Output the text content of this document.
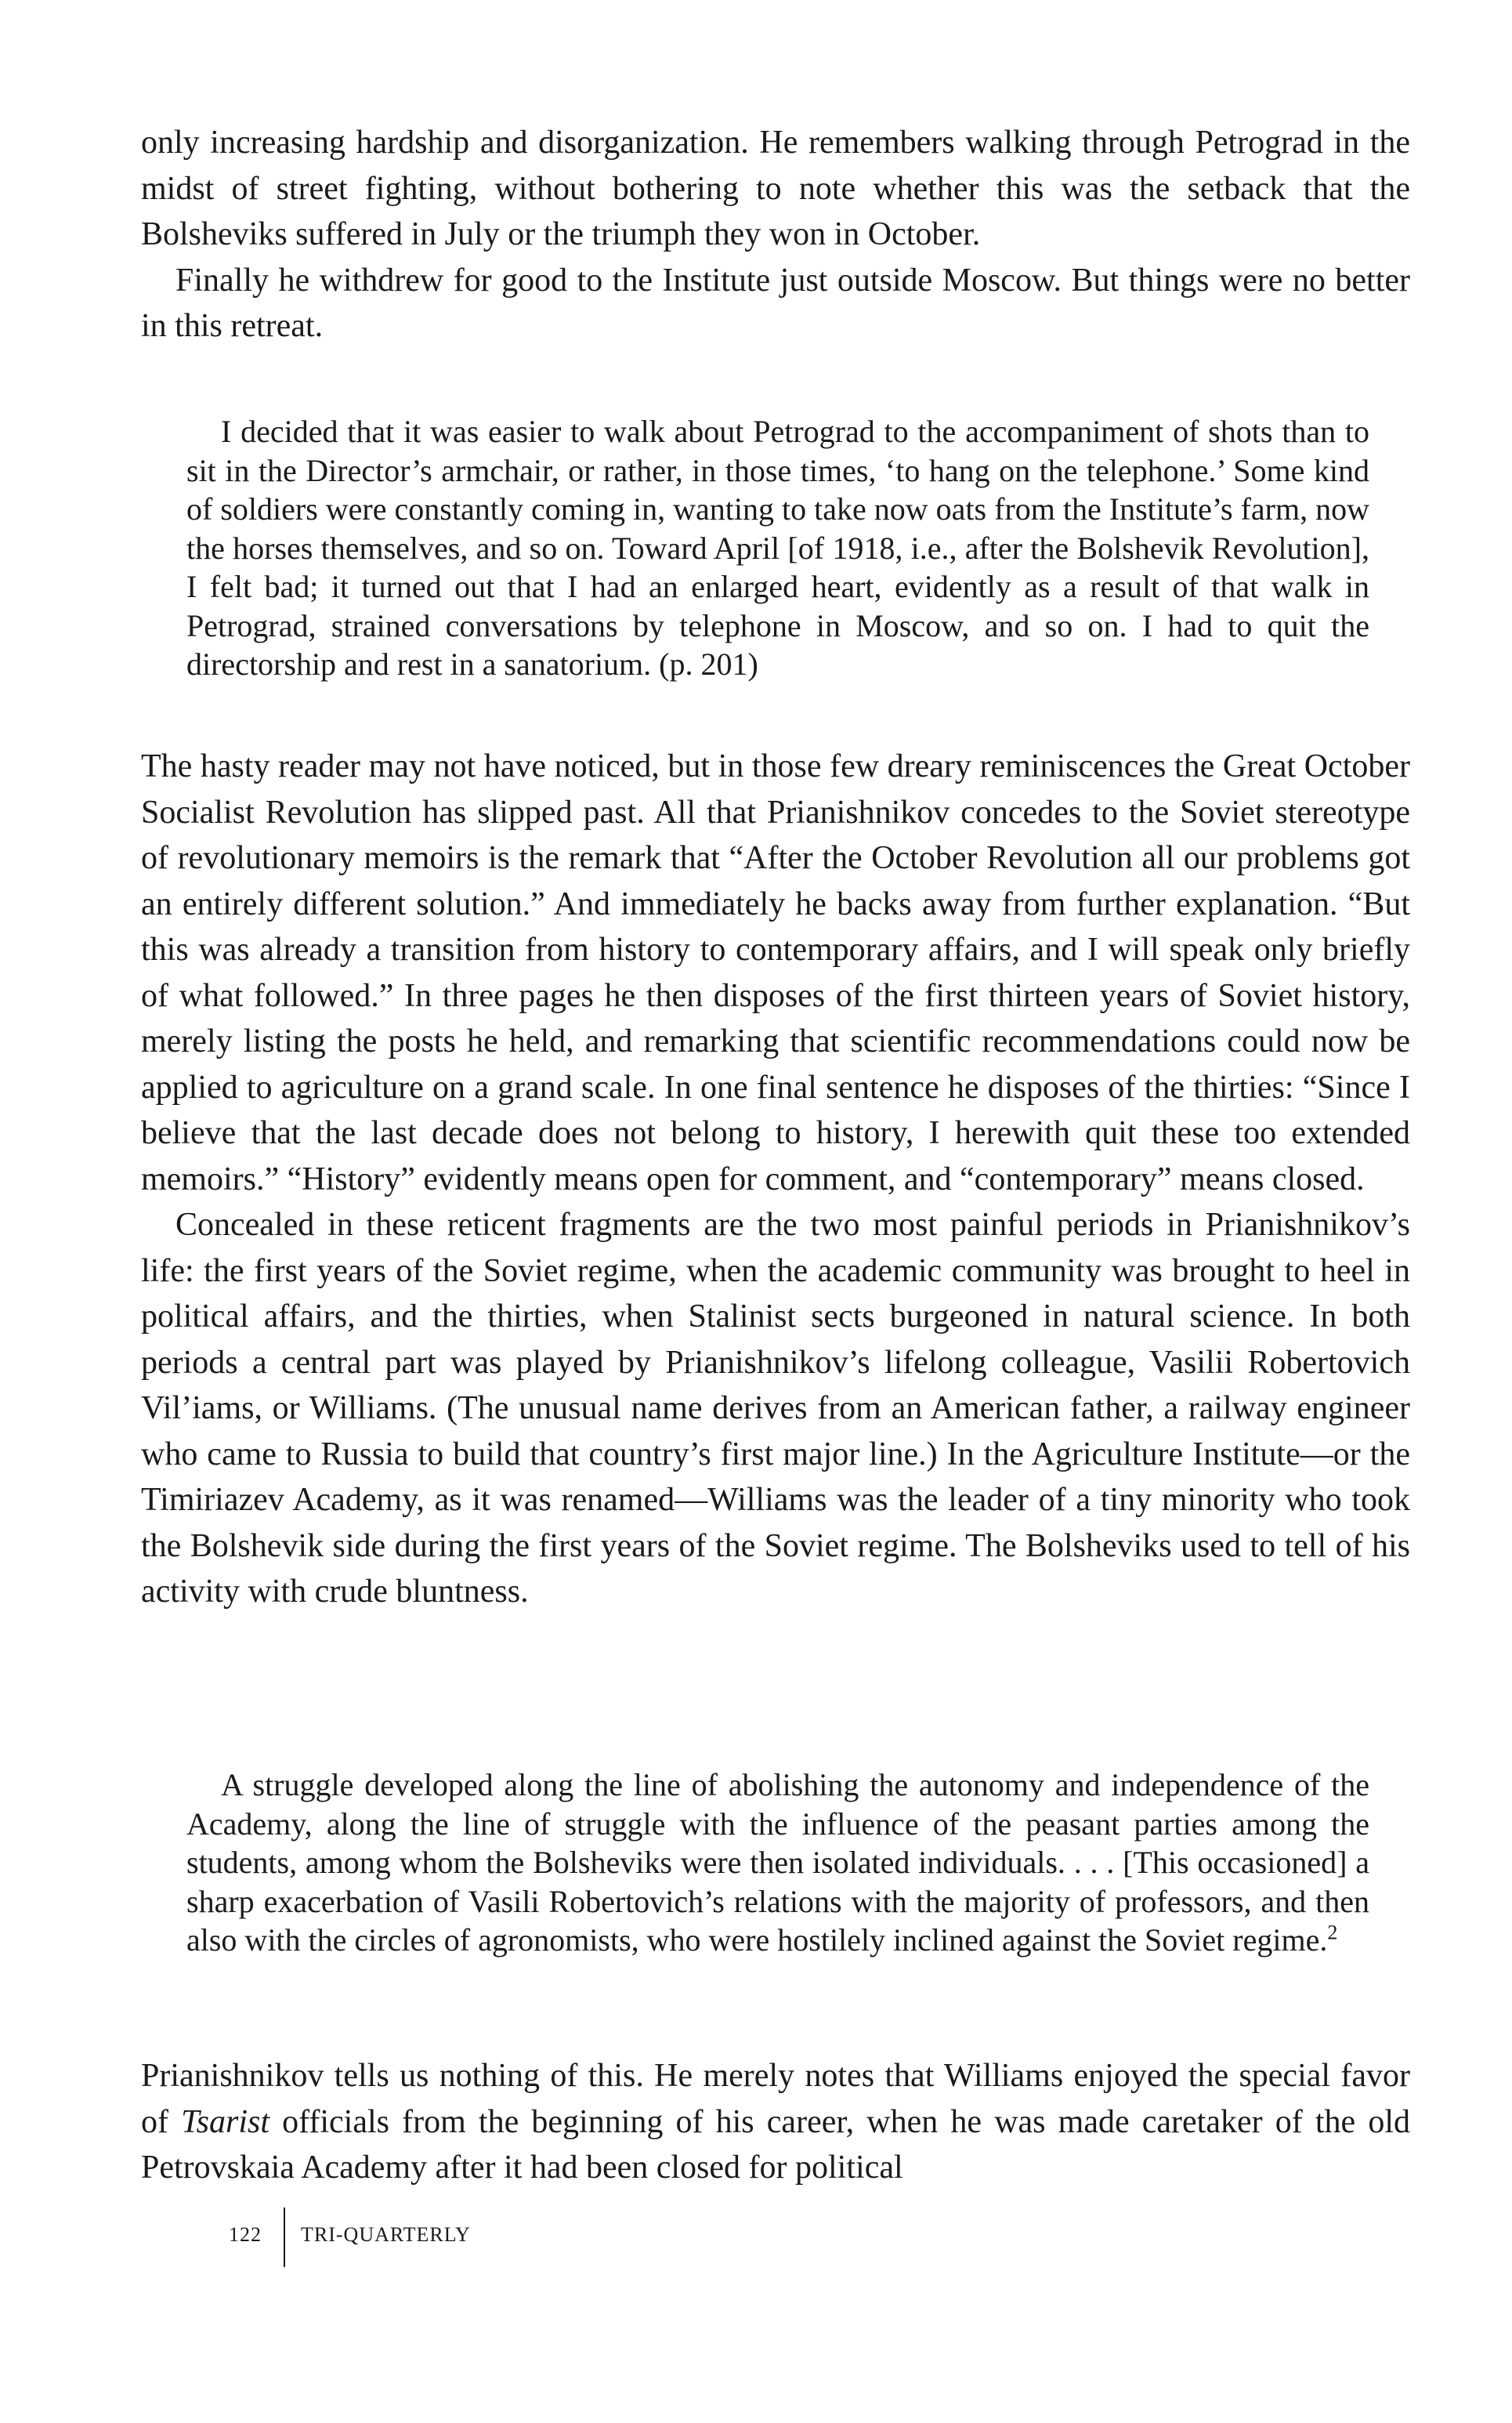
only increasing hardship and disorganization. He remembers walking through Petrograd in the midst of street fighting, without bothering to note whether this was the setback that the Bolsheviks suffered in July or the triumph they won in October.

Finally he withdrew for good to the Institute just outside Moscow. But things were no better in this retreat.

I decided that it was easier to walk about Petrograd to the accompaniment of shots than to sit in the Director’s armchair, or rather, in those times, ‘to hang on the telephone.’ Some kind of soldiers were constantly coming in, wanting to take now oats from the Institute’s farm, now the horses themselves, and so on. Toward April [of 1918, i.e., after the Bolshevik Revolution], I felt bad; it turned out that I had an enlarged heart, evidently as a result of that walk in Petrograd, strained conversations by telephone in Moscow, and so on. I had to quit the directorship and rest in a sanatorium. (p. 201)

The hasty reader may not have noticed, but in those few dreary reminiscences the Great October Socialist Revolution has slipped past. All that Prianishnikov concedes to the Soviet stereotype of revolutionary memoirs is the remark that “After the October Revolution all our problems got an entirely different solution.” And immediately he backs away from further explanation. “But this was already a transition from history to contemporary affairs, and I will speak only briefly of what followed.” In three pages he then disposes of the first thirteen years of Soviet history, merely listing the posts he held, and remarking that scientific recommendations could now be applied to agriculture on a grand scale. In one final sentence he disposes of the thirties: “Since I believe that the last decade does not belong to history, I herewith quit these too extended memoirs.” “History” evidently means open for comment, and “contemporary” means closed.

Concealed in these reticent fragments are the two most painful periods in Prianishnikov’s life: the first years of the Soviet regime, when the academic community was brought to heel in political affairs, and the thirties, when Stalinist sects burgeoned in natural science. In both periods a central part was played by Prianishnikov’s lifelong colleague, Vasilii Robertovich Vil’iams, or Williams. (The unusual name derives from an American father, a railway engineer who came to Russia to build that country’s first major line.) In the Agriculture Institute—or the Timiriazev Academy, as it was renamed—Williams was the leader of a tiny minority who took the Bolshevik side during the first years of the Soviet regime. The Bolsheviks used to tell of his activity with crude bluntness.

A struggle developed along the line of abolishing the autonomy and independence of the Academy, along the line of struggle with the influence of the peasant parties among the students, among whom the Bolsheviks were then isolated individuals. . . . [This occasioned] a sharp exacerbation of Vasili Robertovich’s relations with the majority of professors, and then also with the circles of agronomists, who were hostilely inclined against the Soviet regime.$^2$

Prianishnikov tells us nothing of this. He merely notes that Williams enjoyed the special favor of Tsarist officials from the beginning of his career, when he was made caretaker of the old Petrovskaia Academy after it had been closed for political

122 TRI-QUARTERLY
